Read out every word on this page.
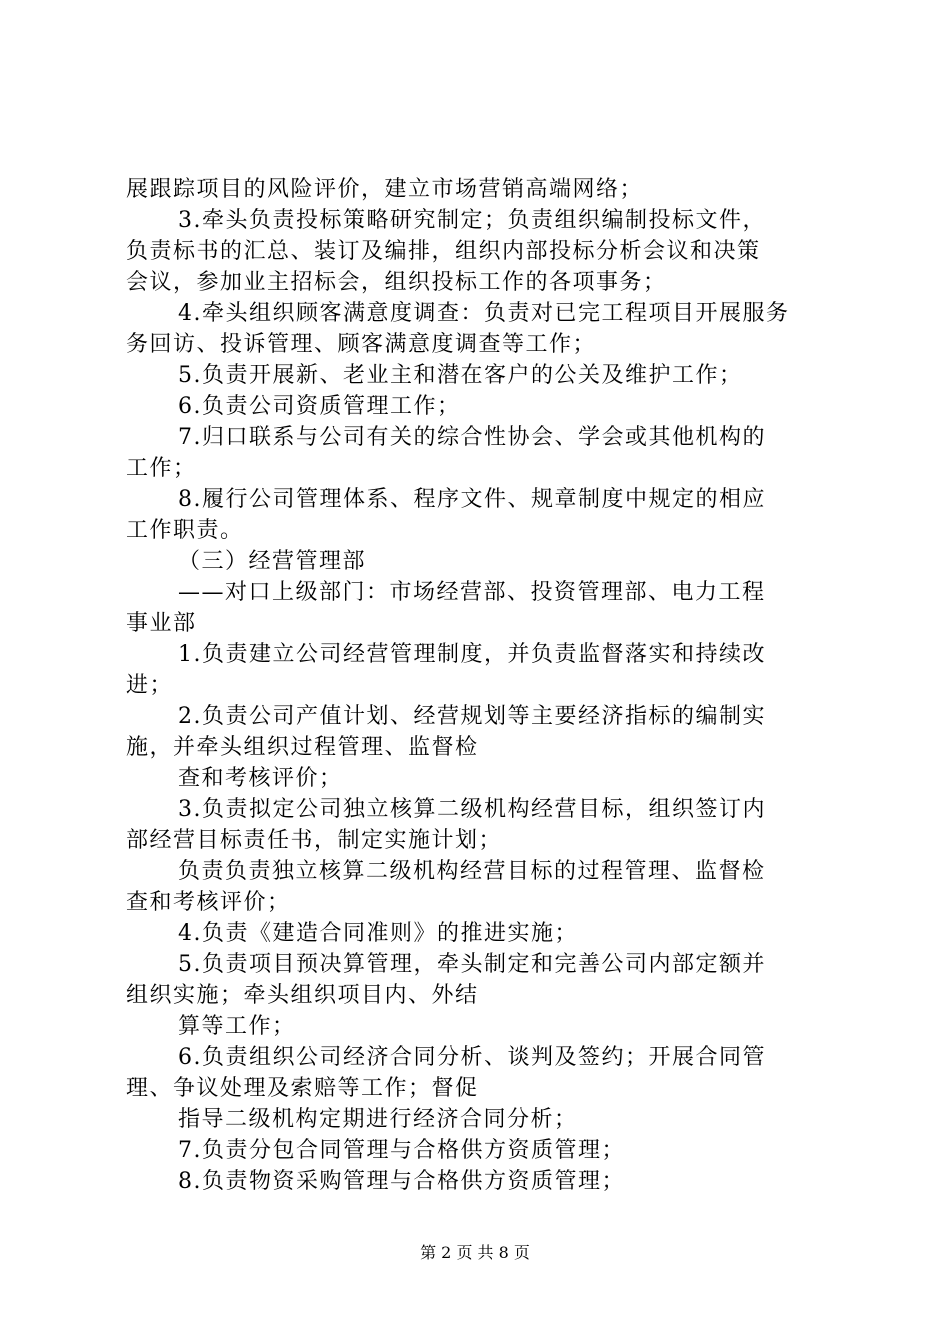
展跟踪项目的风险评价，建立市场营销高端网络；
3.牵头负责投标策略研究制定；负责组织编制投标文件，
负责标书的汇总、装订及编排，组织内部投标分析会议和决策
会议，参加业主招标会，组织投标工作的各项事务；
4.牵头组织顾客满意度调查：负责对已完工程项目开展服务
务回访、投诉管理、顾客满意度调查等工作；
5.负责开展新、老业主和潜在客户的公关及维护工作；
6.负责公司资质管理工作；
7.归口联系与公司有关的综合性协会、学会或其他机构的
工作；
8.履行公司管理体系、程序文件、规章制度中规定的相应
工作职责。
（三）经营管理部
——对口上级部门：市场经营部、投资管理部、电力工程
事业部
1.负责建立公司经营管理制度，并负责监督落实和持续改
进；
2.负责公司产值计划、经营规划等主要经济指标的编制实
施，并牵头组织过程管理、监督检
查和考核评价；
3.负责拟定公司独立核算二级机构经营目标，组织签订内
部经营目标责任书，制定实施计划；
负责负责独立核算二级机构经营目标的过程管理、监督检
查和考核评价；
4.负责《建造合同准则》的推进实施；
5.负责项目预决算管理，牵头制定和完善公司内部定额并
组织实施；牵头组织项目内、外结
算等工作；
6.负责组织公司经济合同分析、谈判及签约；开展合同管
理、争议处理及索赔等工作；督促
指导二级机构定期进行经济合同分析；
7.负责分包合同管理与合格供方资质管理；
8.负责物资采购管理与合格供方资质管理；
第 2 页 共 8 页
